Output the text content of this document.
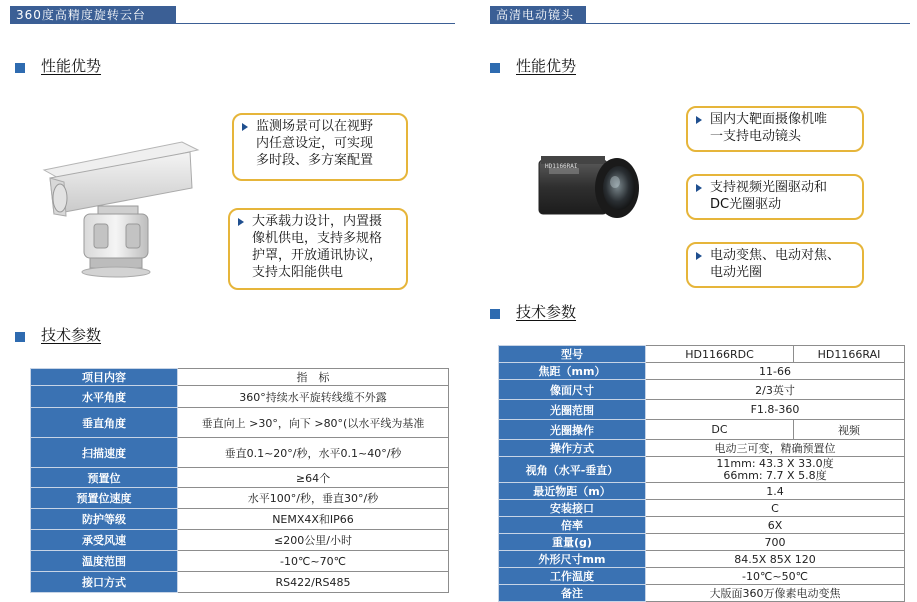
360度高精度旋转云台
性能优势
监测场景可以在视野
内任意设定，可实现
多时段、多方案配置
大承载力设计，内置摄
像机供电，支持多规格
护罩，开放通讯协议，
支持太阳能供电
技术参数
项目内容	指　标
水平角度	360°持续水平旋转线缆不外露
垂直角度	垂直向上 >30°，向下 >80°(以水平线为基准
扫描速度	垂直0.1~20°/秒，水平0.1~40°/秒
预置位	≥64个
预置位速度	水平100°/秒，垂直30°/秒
防护等级	NEMX4X和IP66
承受风速	≤200公里/小时
温度范围	-10℃~70℃
接口方式	RS422/RS485
高清电动镜头
性能优势
HD1166RAI
国内大靶面摄像机唯
一支持电动镜头
支持视频光圈驱动和
DC光圈驱动
电动变焦、电动对焦、
电动光圈
技术参数
型号	HD1166RDC	HD1166RAI
焦距（mm）	11-66	
像面尺寸	2/3英寸	
光圈范围	F1.8-360	
光圈操作	DC	视频
操作方式	电动三可变，精确预置位	
视角（水平-垂直）	11mm: 43.3 X 33.0度
66mm: 7.7 X 5.8度	

最近物距（m）	1.4	
安装接口	C	
倍率	6X	
重量(g)	700	
外形尺寸mm	84.5X 85X 120	
工作温度	-10℃~50℃	
备注	大版面360万像素电动变焦	
